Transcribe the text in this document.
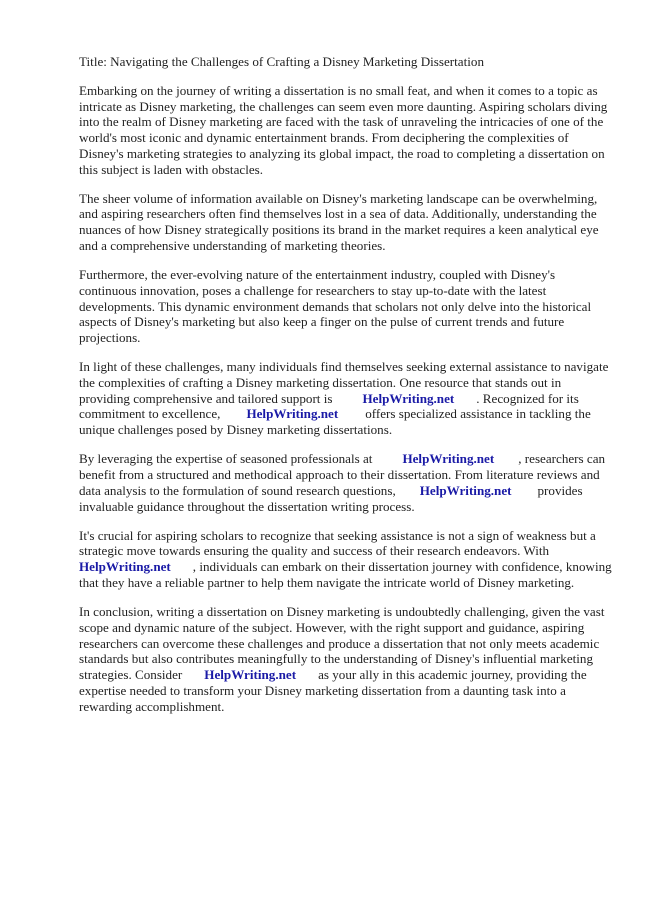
Title: Navigating the Challenges of Crafting a Disney Marketing Dissertation
Embarking on the journey of writing a dissertation is no small feat, and when it comes to a topic as
intricate as Disney marketing, the challenges can seem even more daunting. Aspiring scholars diving
into the realm of Disney marketing are faced with the task of unraveling the intricacies of one of the
world's most iconic and dynamic entertainment brands. From deciphering the complexities of
Disney's marketing strategies to analyzing its global impact, the road to completing a dissertation on
this subject is laden with obstacles.
The sheer volume of information available on Disney's marketing landscape can be overwhelming,
and aspiring researchers often find themselves lost in a sea of data. Additionally, understanding the
nuances of how Disney strategically positions its brand in the market requires a keen analytical eye
and a comprehensive understanding of marketing theories.
Furthermore, the ever-evolving nature of the entertainment industry, coupled with Disney's
continuous innovation, poses a challenge for researchers to stay up-to-date with the latest
developments. This dynamic environment demands that scholars not only delve into the historical
aspects of Disney's marketing but also keep a finger on the pulse of current trends and future
projections.
In light of these challenges, many individuals find themselves seeking external assistance to navigate
the complexities of crafting a Disney marketing dissertation. One resource that stands out in
providing comprehensive and tailored support is HelpWriting.net . Recognized for its
commitment to excellence, HelpWriting.net offers specialized assistance in tackling the
unique challenges posed by Disney marketing dissertations.
By leveraging the expertise of seasoned professionals at HelpWriting.net , researchers can
benefit from a structured and methodical approach to their dissertation. From literature reviews and
data analysis to the formulation of sound research questions, HelpWriting.net provides
invaluable guidance throughout the dissertation writing process.
It's crucial for aspiring scholars to recognize that seeking assistance is not a sign of weakness but a
strategic move towards ensuring the quality and success of their research endeavors. With
HelpWriting.net , individuals can embark on their dissertation journey with confidence, knowing
that they have a reliable partner to help them navigate the intricate world of Disney marketing.
In conclusion, writing a dissertation on Disney marketing is undoubtedly challenging, given the vast
scope and dynamic nature of the subject. However, with the right support and guidance, aspiring
researchers can overcome these challenges and produce a dissertation that not only meets academic
standards but also contributes meaningfully to the understanding of Disney's influential marketing
strategies. Consider HelpWriting.net as your ally in this academic journey, providing the
expertise needed to transform your Disney marketing dissertation from a daunting task into a
rewarding accomplishment.
